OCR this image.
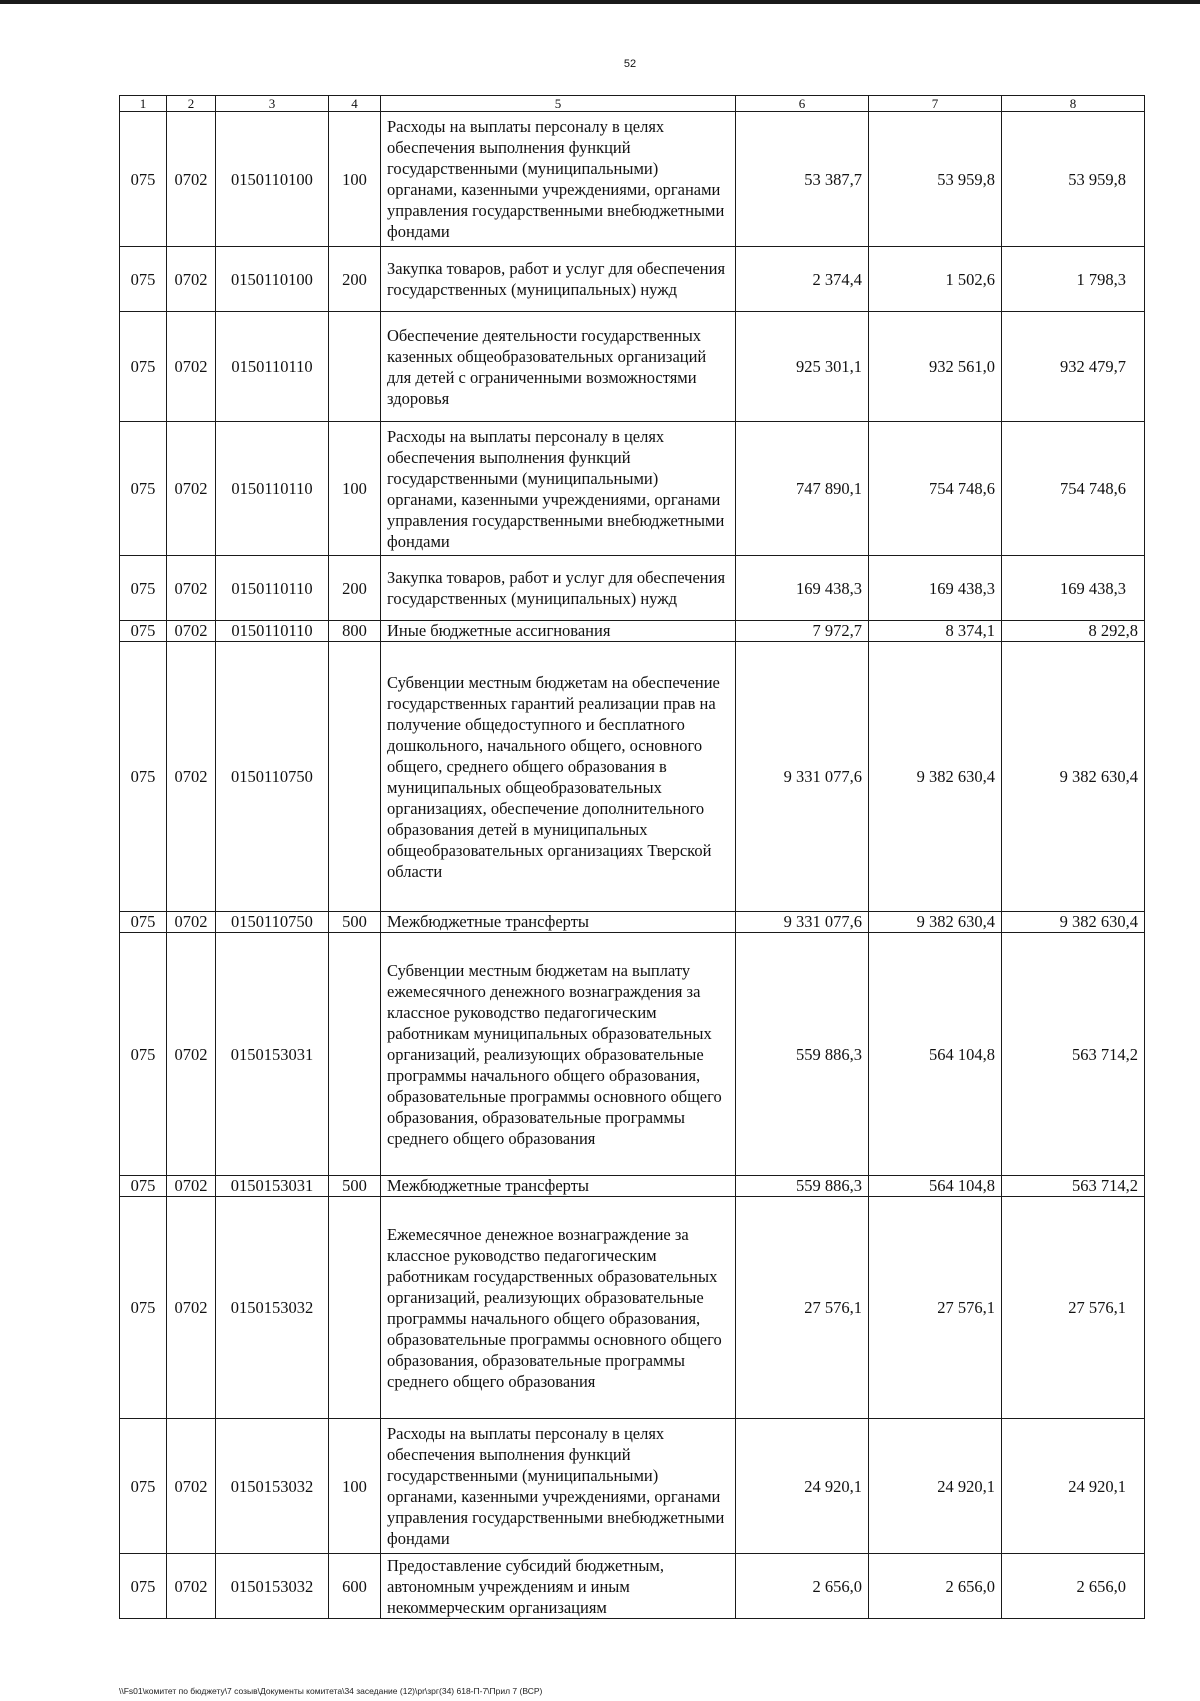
52
1	2	3	4	5	6	7	8
075	0702	0150110100	100	Расходы на выплаты персоналу в целях обеспечения выполнения функций государственными (муниципальными) органами, казенными учреждениями, органами управления государственными внебюджетными фондами	53 387,7	53 959,8	53 959,8
075	0702	0150110100	200	Закупка товаров, работ и услуг для обеспечения государственных (муниципальных) нужд	2 374,4	1 502,6	1 798,3
075	0702	0150110110		Обеспечение деятельности государственных казенных общеобразовательных организаций для детей с ограниченными возможностями здоровья	925 301,1	932 561,0	932 479,7
075	0702	0150110110	100	Расходы на выплаты персоналу в целях обеспечения выполнения функций государственными (муниципальными) органами, казенными учреждениями, органами управления государственными внебюджетными фондами	747 890,1	754 748,6	754 748,6
075	0702	0150110110	200	Закупка товаров, работ и услуг для обеспечения государственных (муниципальных) нужд	169 438,3	169 438,3	169 438,3
075	0702	0150110110	800	Иные бюджетные ассигнования	7 972,7	8 374,1	8 292,8
075	0702	0150110750		Субвенции местным бюджетам на обеспечение государственных гарантий реализации прав на получение общедоступного и бесплатного дошкольного, начального общего, основного общего, среднего общего образования в муниципальных общеобразовательных организациях, обеспечение дополнительного образования детей в муниципальных общеобразовательных организациях Тверской области	9 331 077,6	9 382 630,4	9 382 630,4
075	0702	0150110750	500	Межбюджетные трансферты	9 331 077,6	9 382 630,4	9 382 630,4
075	0702	0150153031		Субвенции местным бюджетам на выплату ежемесячного денежного вознаграждения за классное руководство педагогическим работникам муниципальных образовательных организаций, реализующих образовательные программы начального общего образования, образовательные программы основного общего образования, образовательные программы среднего общего образования	559 886,3	564 104,8	563 714,2
075	0702	0150153031	500	Межбюджетные трансферты	559 886,3	564 104,8	563 714,2
075	0702	0150153032		Ежемесячное денежное вознаграждение за классное руководство педагогическим работникам государственных образовательных организаций, реализующих образовательные программы начального общего образования, образовательные программы основного общего образования, образовательные программы среднего общего образования	27 576,1	27 576,1	27 576,1
075	0702	0150153032	100	Расходы на выплаты персоналу в целях обеспечения выполнения функций государственными (муниципальными) органами, казенными учреждениями, органами управления государственными внебюджетными фондами	24 920,1	24 920,1	24 920,1
075	0702	0150153032	600	Предоставление субсидий бюджетным, автономным учреждениям и иным некоммерческим организациям	2 656,0	2 656,0	2 656,0
\\Fs01\комитет по бюджету\7 созыв\Документы комитета\34 заседание (12)\pr\зрг(34) 618-П-7\Прил 7 (ВСР)
